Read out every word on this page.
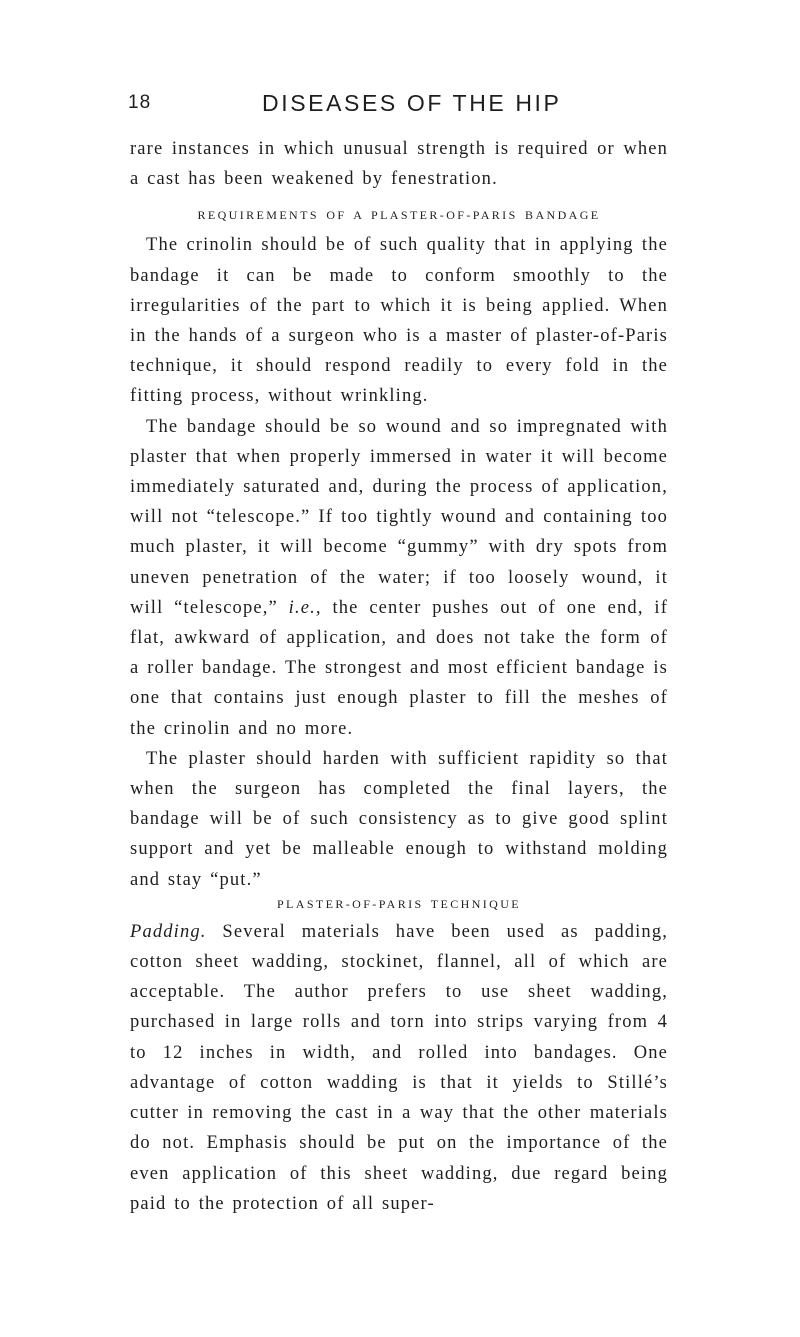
18	DISEASES OF THE HIP

rare instances in which unusual strength is required or when a cast has been weakened by fenestration.

REQUIREMENTS OF A PLASTER-OF-PARIS BANDAGE

The crinolin should be of such quality that in applying the bandage it can be made to conform smoothly to the irregularities of the part to which it is being applied. When in the hands of a surgeon who is a master of plaster-of-Paris technique, it should respond readily to every fold in the fitting process, without wrinkling.

The bandage should be so wound and so impregnated with plaster that when properly immersed in water it will become immediately saturated and, during the process of application, will not “telescope.” If too tightly wound and containing too much plaster, it will become “gummy” with dry spots from uneven penetration of the water; if too loosely wound, it will “telescope,” i.e., the center pushes out of one end, if flat, awkward of application, and does not take the form of a roller bandage. The strongest and most efficient bandage is one that contains just enough plaster to fill the meshes of the crinolin and no more.

The plaster should harden with sufficient rapidity so that when the surgeon has completed the final layers, the bandage will be of such consistency as to give good splint support and yet be malleable enough to withstand molding and stay “put.”

PLASTER-OF-PARIS TECHNIQUE

Padding. Several materials have been used as padding, cotton sheet wadding, stockinet, flannel, all of which are acceptable. The author prefers to use sheet wadding, purchased in large rolls and torn into strips varying from 4 to 12 inches in width, and rolled into bandages. One advantage of cotton wadding is that it yields to Stillé’s cutter in removing the cast in a way that the other materials do not. Emphasis should be put on the importance of the even application of this sheet wadding, due regard being paid to the protection of all super-
